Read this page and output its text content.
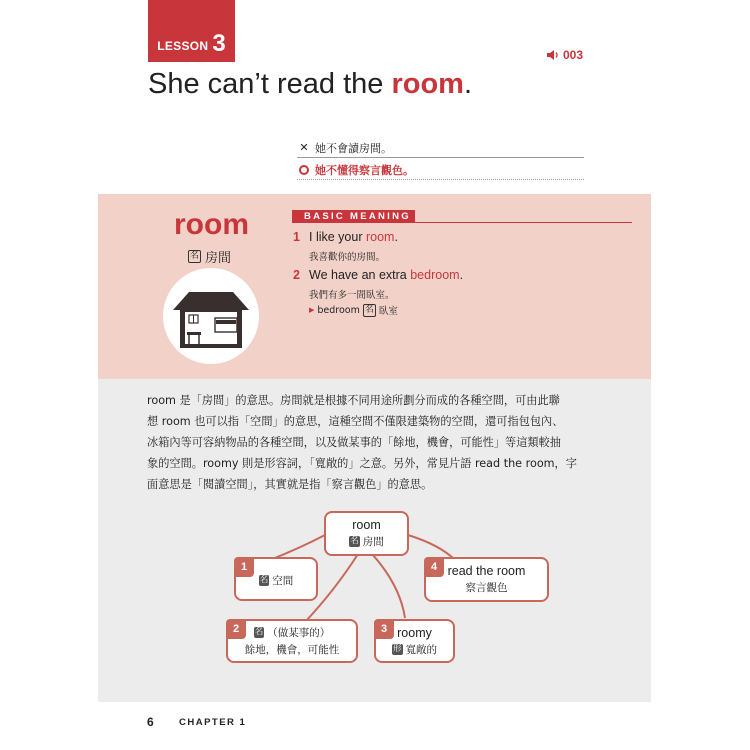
LESSON 3	003
She can’t read the room.
✕ 她不會讀房間。
她不懂得察言觀色。
room
名 房間
BASIC MEANING
1 I like your room.
我喜歡你的房間。
2 We have an extra bedroom.
我們有多一間臥室。
▶ bedroom 名 臥室
room 是「房間」的意思。房間就是根據不同用途所劃分而成的各種空間，可由此聯
想 room 也可以指「空間」的意思，這種空間不僅限建築物的空間，還可指包包內、
冰箱內等可容納物品的各種空間，以及做某事的「餘地，機會，可能性」等這類較抽
象的空間。roomy 則是形容詞，「寬敞的」之意。另外，常見片語 read the room，字
面意思是「閱讀空間」，其實就是指「察言觀色」的意思。
room
名 房間
名 空間
1
名 （做某事的）
餘地，機會，可能性
2	roomy
形 寬敞的
3
read the room
察言觀色
4
6	CHAPTER 1
